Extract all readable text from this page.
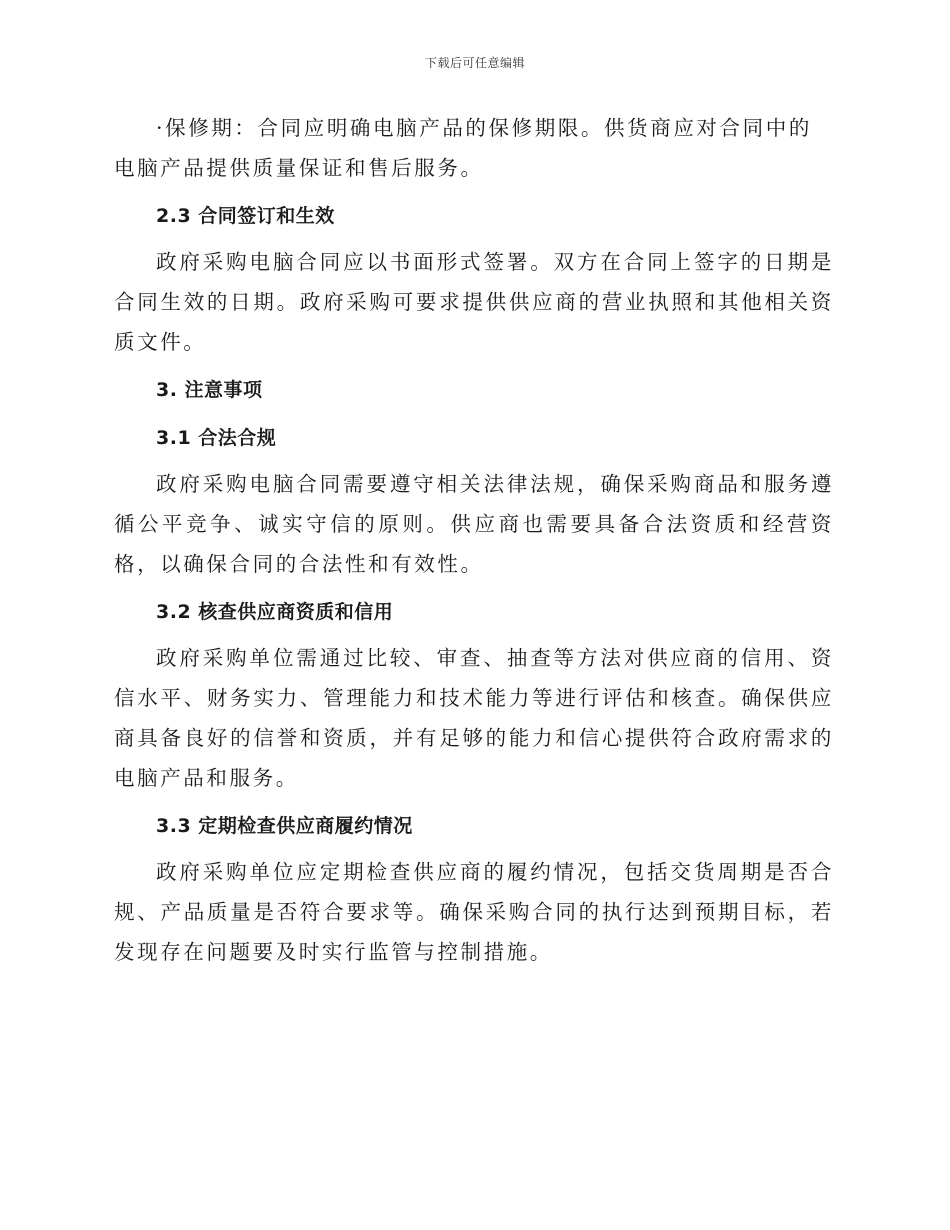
下载后可任意编辑

·保修期：合同应明确电脑产品的保修期限。供货商应对合同中的电脑产品提供质量保证和售后服务。

2.3 合同签订和生效

政府采购电脑合同应以书面形式签署。双方在合同上签字的日期是合同生效的日期。政府采购可要求提供供应商的营业执照和其他相关资质文件。

3. 注意事项
3.1 合法合规

政府采购电脑合同需要遵守相关法律法规，确保采购商品和服务遵循公平竞争、诚实守信的原则。供应商也需要具备合法资质和经营资格，以确保合同的合法性和有效性。

3.2 核查供应商资质和信用

政府采购单位需通过比较、审查、抽查等方法对供应商的信用、资信水平、财务实力、管理能力和技术能力等进行评估和核查。确保供应商具备良好的信誉和资质，并有足够的能力和信心提供符合政府需求的电脑产品和服务。

3.3 定期检查供应商履约情况

政府采购单位应定期检查供应商的履约情况，包括交货周期是否合规、产品质量是否符合要求等。确保采购合同的执行达到预期目标，若发现存在问题要及时实行监管与控制措施。
